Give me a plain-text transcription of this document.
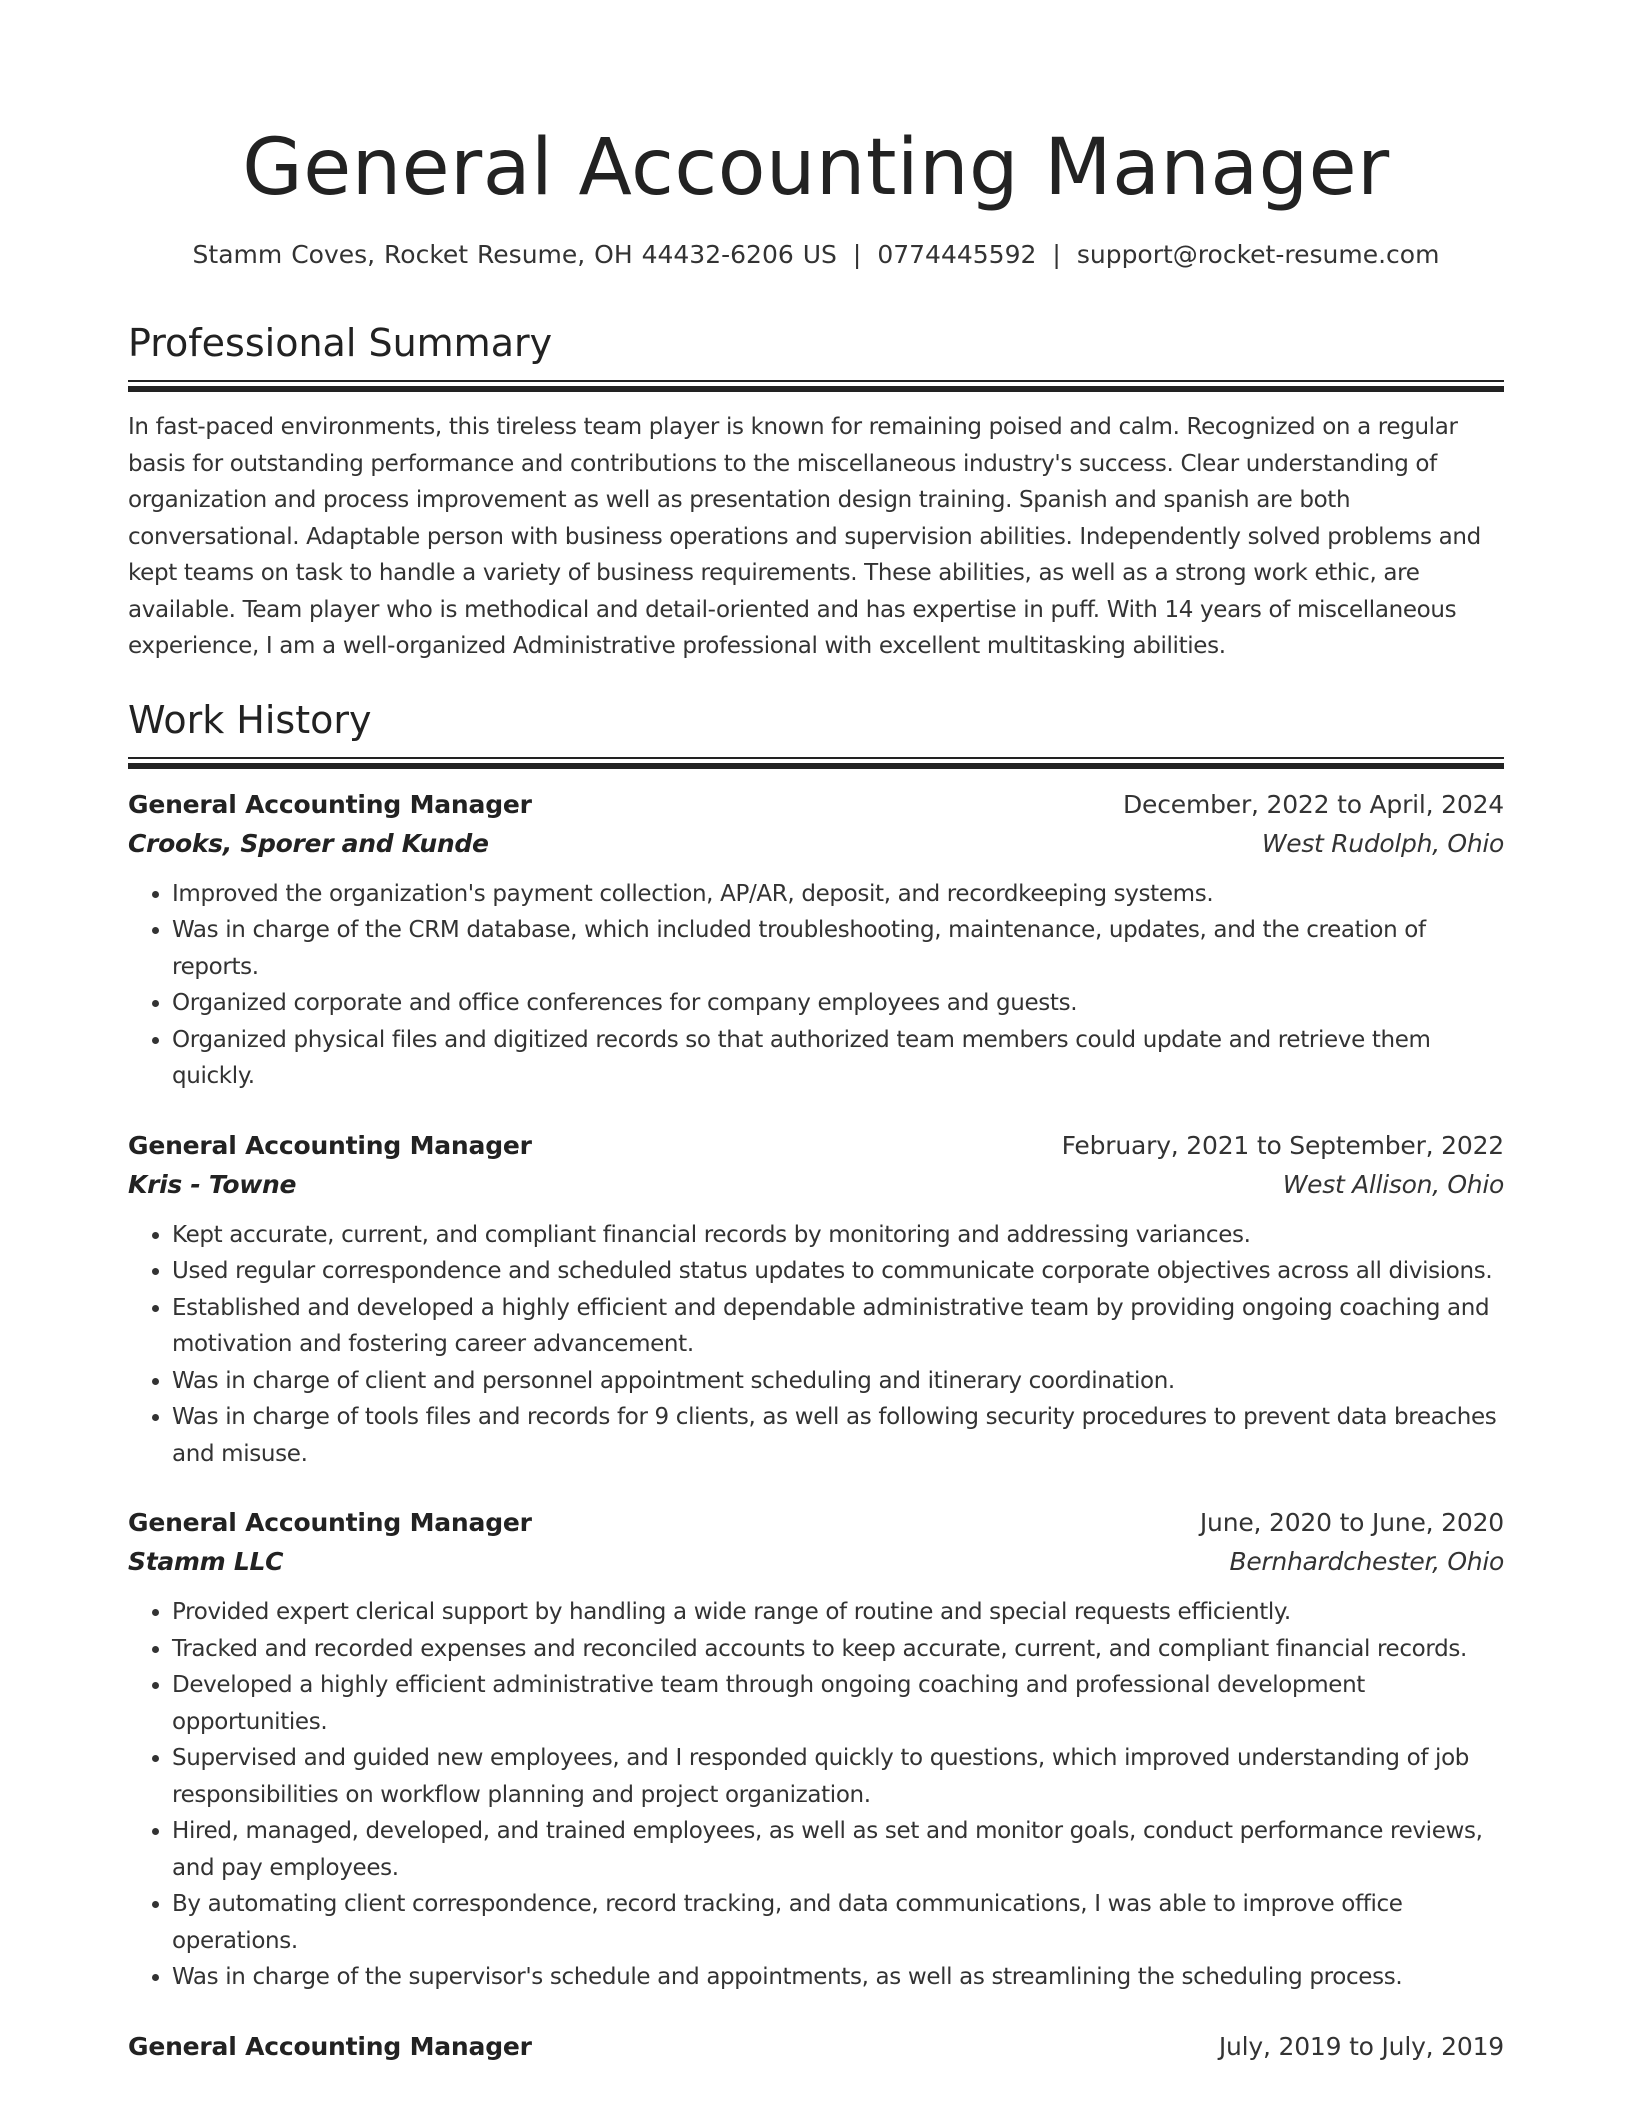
General Accounting Manager
Stamm Coves, Rocket Resume, OH 44432-6206 US | 0774445592 | support@rocket-resume.com
Professional Summary

In fast-paced environments, this tireless team player is known for remaining poised and calm. Recognized on a regular basis for outstanding performance and contributions to the miscellaneous industry's success. Clear understanding of organization and process improvement as well as presentation design training. Spanish and spanish are both conversational. Adaptable person with business operations and supervision abilities. Independently solved problems and kept teams on task to handle a variety of business requirements. These abilities, as well as a strong work ethic, are available. Team player who is methodical and detail-oriented and has expertise in puff. With 14 years of miscellaneous experience, I am a well-organized Administrative professional with excellent multitasking abilities.

Work History
General Accounting Manager	December, 2022 to April, 2024
Crooks, Sporer and Kunde	West Rudolph, Ohio
• Improved the organization's payment collection, AP/AR, deposit, and recordkeeping systems.
• Was in charge of the CRM database, which included troubleshooting, maintenance, updates, and the creation of reports.
• Organized corporate and office conferences for company employees and guests.
• Organized physical files and digitized records so that authorized team members could update and retrieve them quickly.
General Accounting Manager	February, 2021 to September, 2022
Kris - Towne	West Allison, Ohio
• Kept accurate, current, and compliant financial records by monitoring and addressing variances.
• Used regular correspondence and scheduled status updates to communicate corporate objectives across all divisions.
• Established and developed a highly efficient and dependable administrative team by providing ongoing coaching and motivation and fostering career advancement.
• Was in charge of client and personnel appointment scheduling and itinerary coordination.
• Was in charge of tools files and records for 9 clients, as well as following security procedures to prevent data breaches and misuse.
General Accounting Manager	June, 2020 to June, 2020
Stamm LLC	Bernhardchester, Ohio
• Provided expert clerical support by handling a wide range of routine and special requests efficiently.
• Tracked and recorded expenses and reconciled accounts to keep accurate, current, and compliant financial records.
• Developed a highly efficient administrative team through ongoing coaching and professional development opportunities.
• Supervised and guided new employees, and I responded quickly to questions, which improved understanding of job responsibilities on workflow planning and project organization.
• Hired, managed, developed, and trained employees, as well as set and monitor goals, conduct performance reviews, and pay employees.
• By automating client correspondence, record tracking, and data communications, I was able to improve office operations.
• Was in charge of the supervisor's schedule and appointments, as well as streamlining the scheduling process.
General Accounting Manager	July, 2019 to July, 2019
